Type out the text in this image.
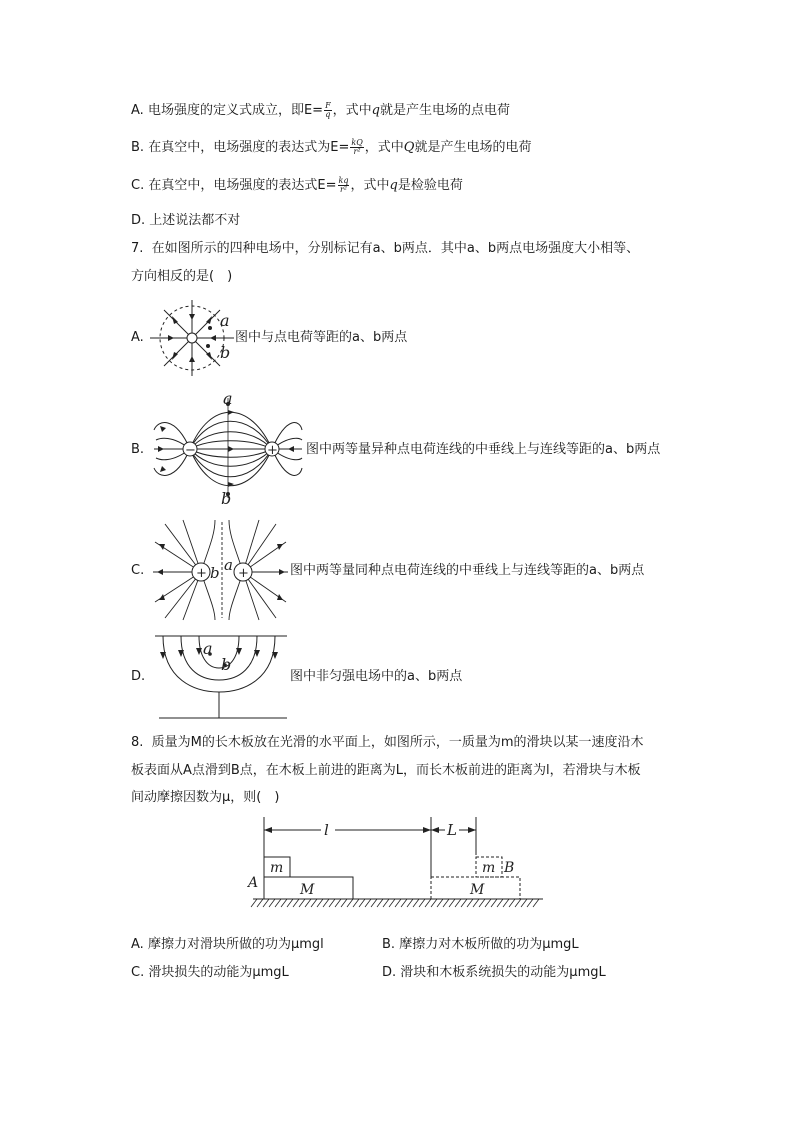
A. 电场强度的定义式成立，即$E= \frac{F}{q}$ ，式中q就是产生电场的点电荷
B. 在真空中，电场强度的表达式为$E= \frac{kQ}{\text{r²}}$ ，式中Q就是产生电场的电荷
C. 在真空中，电场强度的表达式$E= \frac{kq}{\text{r²}}$ ，式中q是检验电荷
D. 上述说法都不对
7. 在如图所示的四种电场中，分别标记有a、b两点．其中a、b两点电场强度大小相等、
方向相反的是(　)
A.
a
b
图中与点电荷等距的a、b两点
B.	−	+
a
b
图中两等量异种点电荷连线的中垂线上与连线等距的a、b两点
C.	+ +
a
b	图中两等量同种点电荷连线的中垂线上与连线等距的a、b两点
D.
a
b
图中非匀强电场中的a、b两点
8. 质量为M的长木板放在光滑的水平面上，如图所示，一质量为m的滑块以某一速度沿木
板表面从A点滑到B点，在木板上前进的距离为L，而长木板前进的距离为l，若滑块与木板
间动摩擦因数为μ，则(　)
l	L
m
M
A
m
M
B
A. 摩擦力对滑块所做的功为μmgl	B. 摩擦力对木板所做的功为μmgL
C. 滑块损失的动能为μmgL	D. 滑块和木板系统损失的动能为μmgL
